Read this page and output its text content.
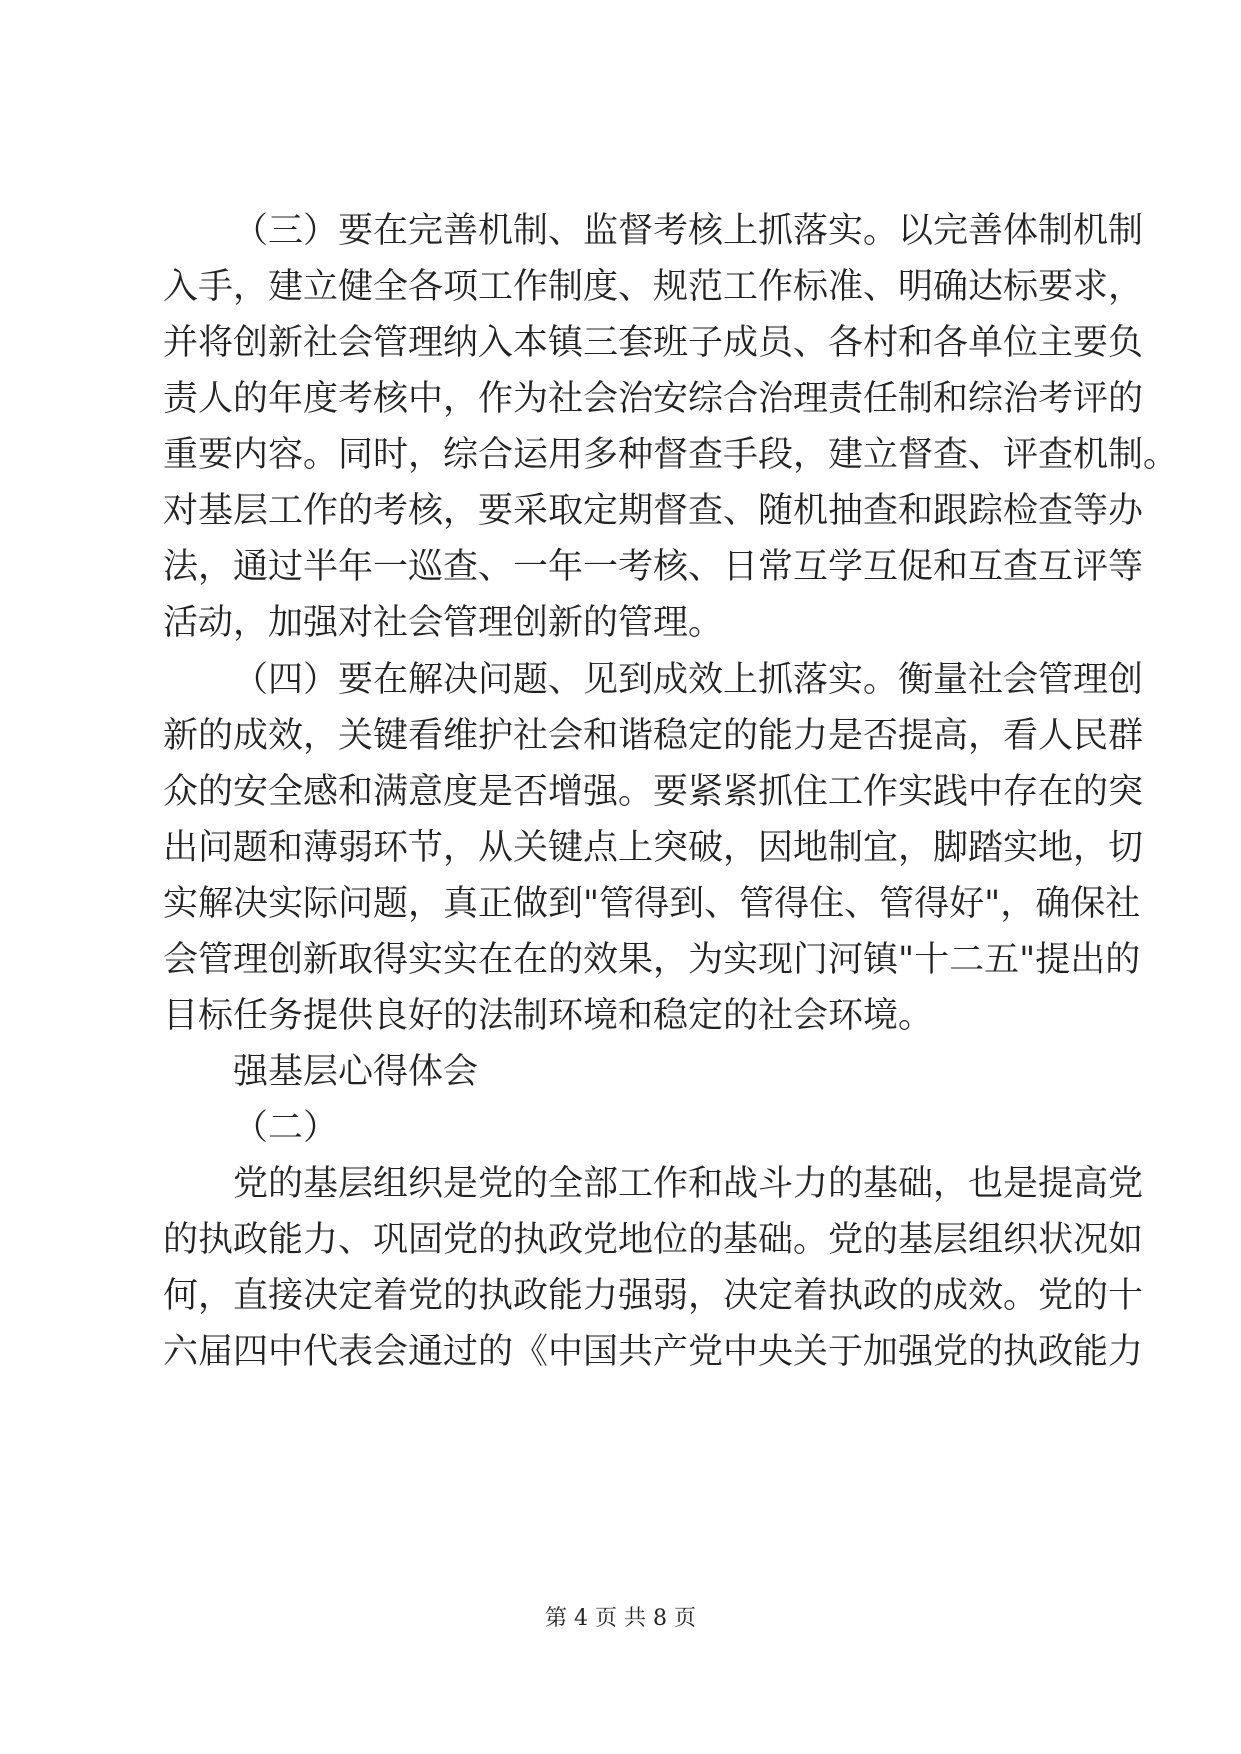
（三）要在完善机制、监督考核上抓落实。以完善体制机制
入手，建立健全各项工作制度、规范工作标准、明确达标要求，
并将创新社会管理纳入本镇三套班子成员、各村和各单位主要负
责人的年度考核中，作为社会治安综合治理责任制和综治考评的
重要内容。同时，综合运用多种督查手段，建立督查、评查机制。
对基层工作的考核，要采取定期督查、随机抽查和跟踪检查等办
法，通过半年一巡查、一年一考核、日常互学互促和互查互评等
活动，加强对社会管理创新的管理。
（四）要在解决问题、见到成效上抓落实。衡量社会管理创
新的成效，关键看维护社会和谐稳定的能力是否提高，看人民群
众的安全感和满意度是否增强。要紧紧抓住工作实践中存在的突
出问题和薄弱环节，从关键点上突破，因地制宜，脚踏实地，切
实解决实际问题，真正做到"管得到、管得住、管得好"，确保社
会管理创新取得实实在在的效果，为实现门河镇"十二五"提出的
目标任务提供良好的法制环境和稳定的社会环境。
强基层心得体会
（二）
党的基层组织是党的全部工作和战斗力的基础，也是提高党
的执政能力、巩固党的执政党地位的基础。党的基层组织状况如
何，直接决定着党的执政能力强弱，决定着执政的成效。党的十
六届四中代表会通过的《中国共产党中央关于加强党的执政能力
第 4 页 共 8 页
